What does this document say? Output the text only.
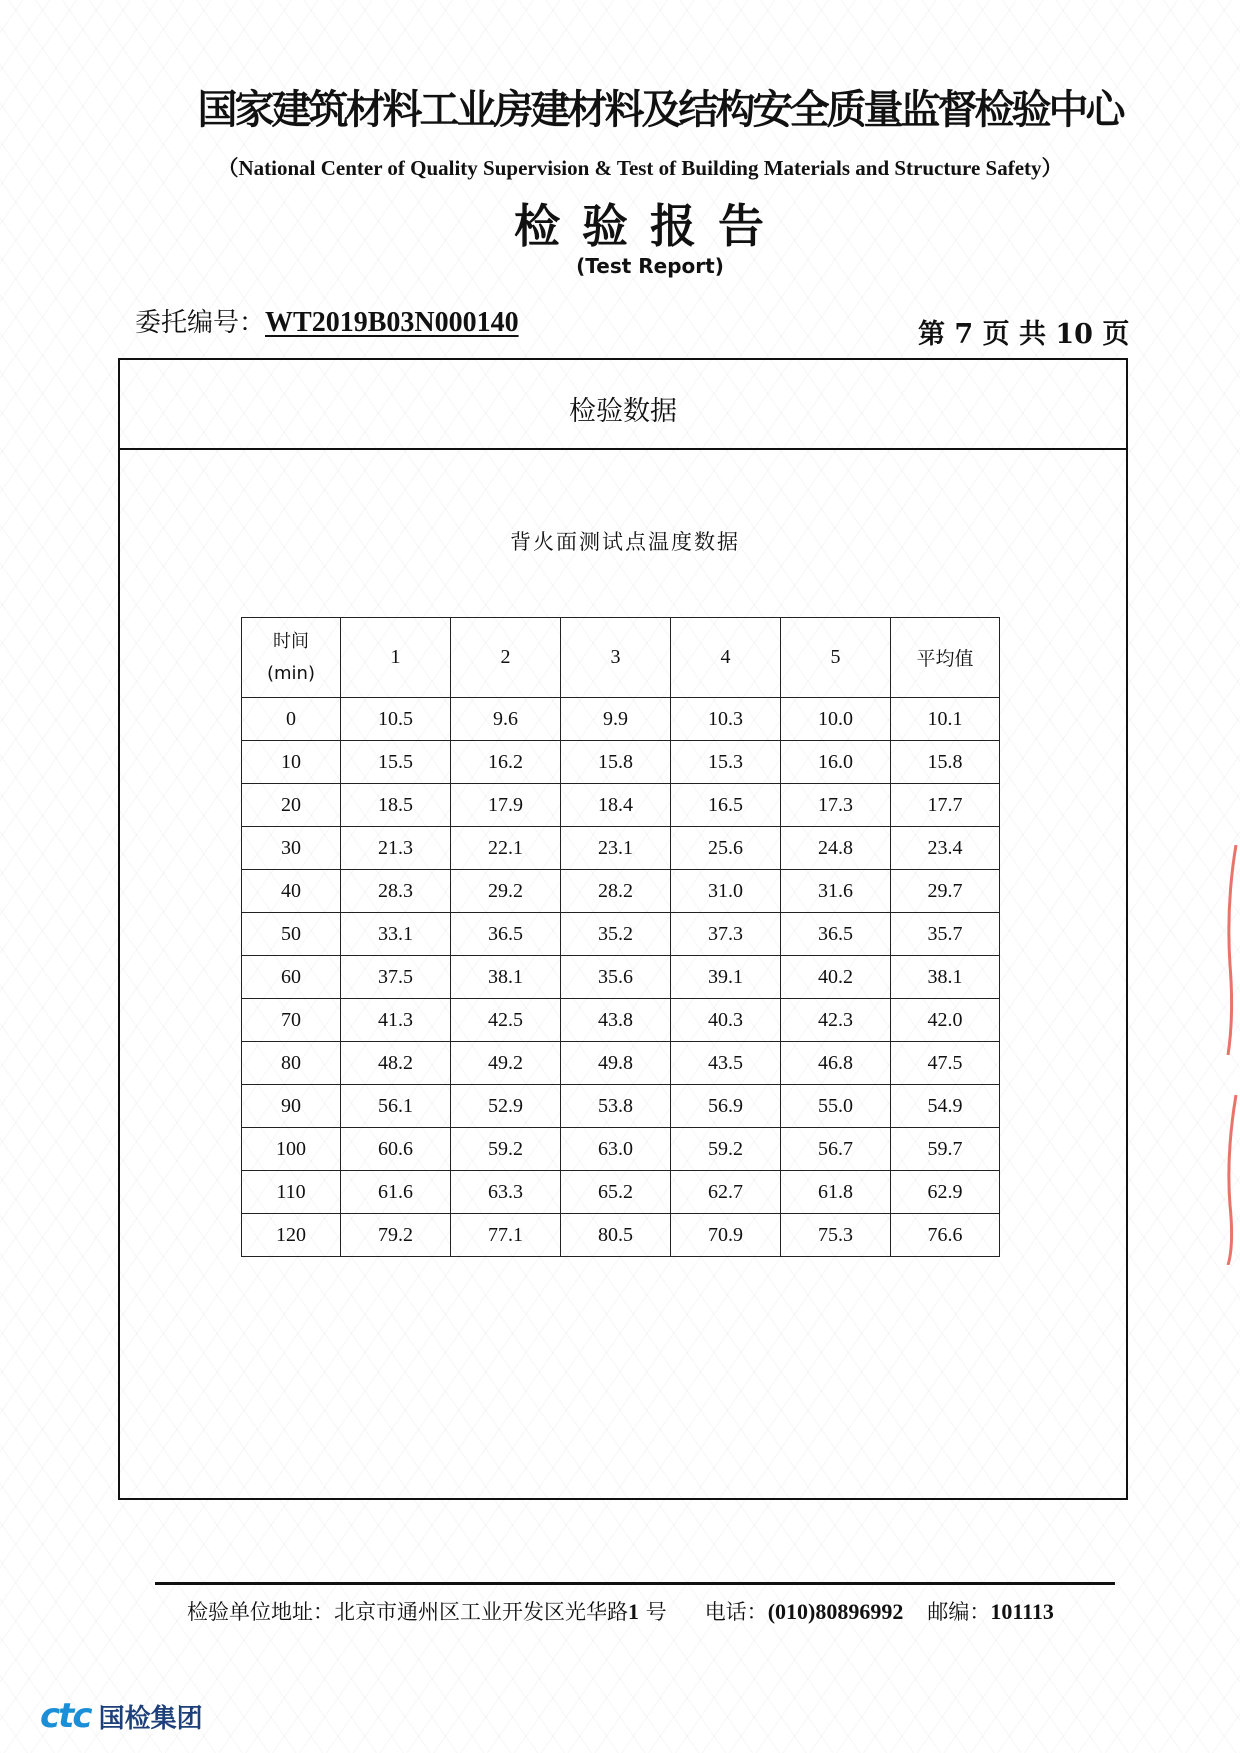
国家建筑材料工业房建材料及结构安全质量监督检验中心
（National Center of Quality Supervision & Test of Building Materials and Structure Safety）
检验报告
(Test Report)
委托编号：WT2019B03N000140	第 7 页 共 10 页
检验数据
背火面测试点温度数据
时间
(min)	1	2	3	4	5	平均值
0	10.5	9.6	9.9	10.3	10.0	10.1
10	15.5	16.2	15.8	15.3	16.0	15.8
20	18.5	17.9	18.4	16.5	17.3	17.7
30	21.3	22.1	23.1	25.6	24.8	23.4
40	28.3	29.2	28.2	31.0	31.6	29.7
50	33.1	36.5	35.2	37.3	36.5	35.7
60	37.5	38.1	35.6	39.1	40.2	38.1
70	41.3	42.5	43.8	40.3	42.3	42.0
80	48.2	49.2	49.8	43.5	46.8	47.5
90	56.1	52.9	53.8	56.9	55.0	54.9
100	60.6	59.2	63.0	59.2	56.7	59.7
110	61.6	63.3	65.2	62.7	61.8	62.9
120	79.2	77.1	80.5	70.9	75.3	76.6
检验单位地址：北京市通州区工业开发区光华路1 号 电话：(010)80896992 邮编：101113
ctc 国检集团
